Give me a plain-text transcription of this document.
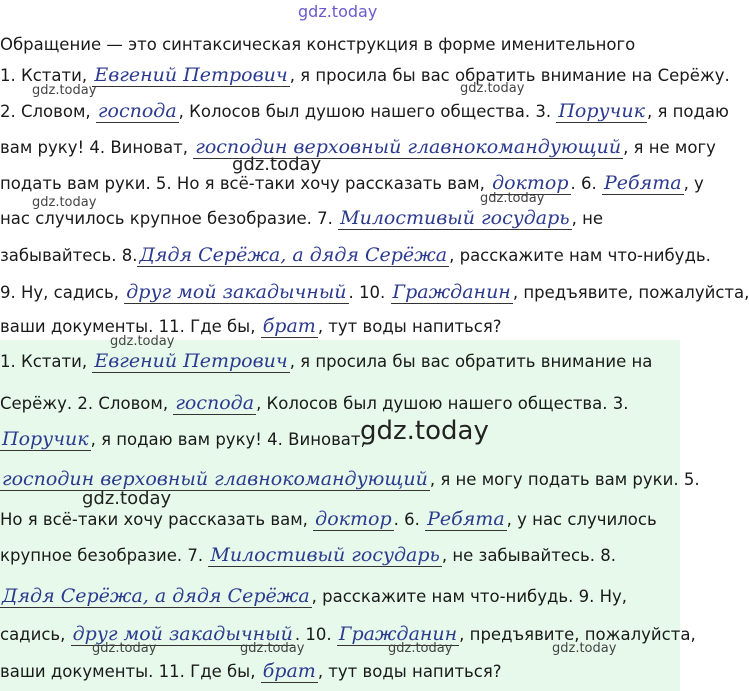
gdz.today
Обращение — это синтаксическая конструкция в форме именительного
1. Кстати, Евгений Петрович , я просила бы вас обратить внимание на Серёжу.
2. Словом, господа , Колосов был душою нашего общества. 3. Поручик , я подаю
вам руку! 4. Виноват, господин верховный главнокомандующий , я не могу
подать вам руки. 5. Но я всё-таки хочу рассказать вам, доктор . 6. Ребята , у
нас случилось крупное безобразие. 7. Милостивый государь , не
забывайтесь. 8. Дядя Серёжа, а дядя Серёжа , расскажите нам что-нибудь.
9. Ну, садись, друг мой закадычный . 10. Гражданин , предъявите, пожалуйста,
ваши документы. 11. Где бы, брат , тут воды напиться?
1. Кстати, Евгений Петрович , я просила бы вас обратить внимание на
Серёжу. 2. Словом, господа , Колосов был душою нашего общества. 3.
Поручик , я подаю вам руку! 4. Виноват,
господин верховный главнокомандующий , я не могу подать вам руки. 5.
Но я всё-таки хочу рассказать вам, доктор . 6. Ребята , у нас случилось
крупное безобразие. 7. Милостивый государь , не забывайтесь. 8.
Дядя Серёжа, а дядя Серёжа , расскажите нам что-нибудь. 9. Ну,
садись, друг мой закадычный . 10. Гражданин , предъявите, пожалуйста,
ваши документы. 11. Где бы, брат , тут воды напиться?
gdz.today	gdz.today
gdz.today
gdz.today	gdz.today
gdz.today
gdz.today
gdz.today
gdz.today	gdz.today	gdz.today	gdz.today
